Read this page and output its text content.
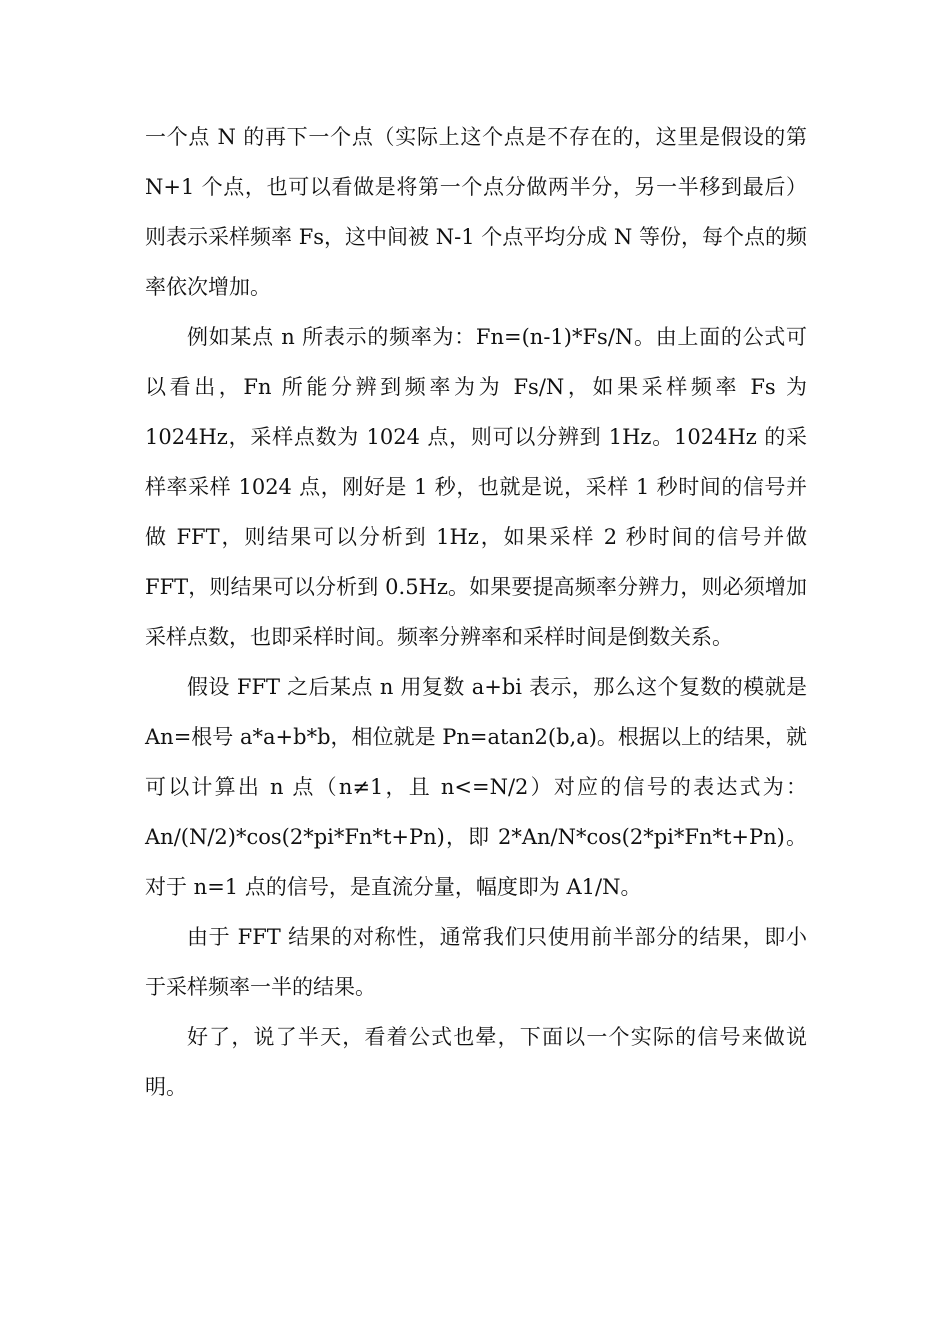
一个点 N 的再下一个点（实际上这个点是不存在的，这里是假设的第 N+1 个点，也可以看做是将第一个点分做两半分，另一半移到最后）则表示采样频率 Fs，这中间被 N-1 个点平均分成 N 等份，每个点的频率依次增加。

例如某点 n 所表示的频率为：Fn=(n-1)*Fs/N。由上面的公式可以看出，Fn 所能分辨到频率为为 Fs/N，如果采样频率 Fs 为 1024Hz，采样点数为 1024 点，则可以分辨到 1Hz。1024Hz 的采样率采样 1024 点，刚好是 1 秒，也就是说，采样 1 秒时间的信号并做 FFT，则结果可以分析到 1Hz，如果采样 2 秒时间的信号并做 FFT，则结果可以分析到 0.5Hz。如果要提高频率分辨力，则必须增加采样点数，也即采样时间。频率分辨率和采样时间是倒数关系。

假设 FFT 之后某点 n 用复数 a+bi 表示，那么这个复数的模就是 An=根号 a*a+b*b，相位就是 Pn=atan2(b,a)。根据以上的结果，就可以计算出 n 点（n≠1，且 n<=N/2）对应的信号的表达式为：An/(N/2)*cos(2*pi*Fn*t+Pn)，即 2*An/N*cos(2*pi*Fn*t+Pn)。对于 n=1 点的信号，是直流分量，幅度即为 A1/N。

由于 FFT 结果的对称性，通常我们只使用前半部分的结果，即小于采样频率一半的结果。

好了，说了半天，看着公式也晕，下面以一个实际的信号来做说明。
